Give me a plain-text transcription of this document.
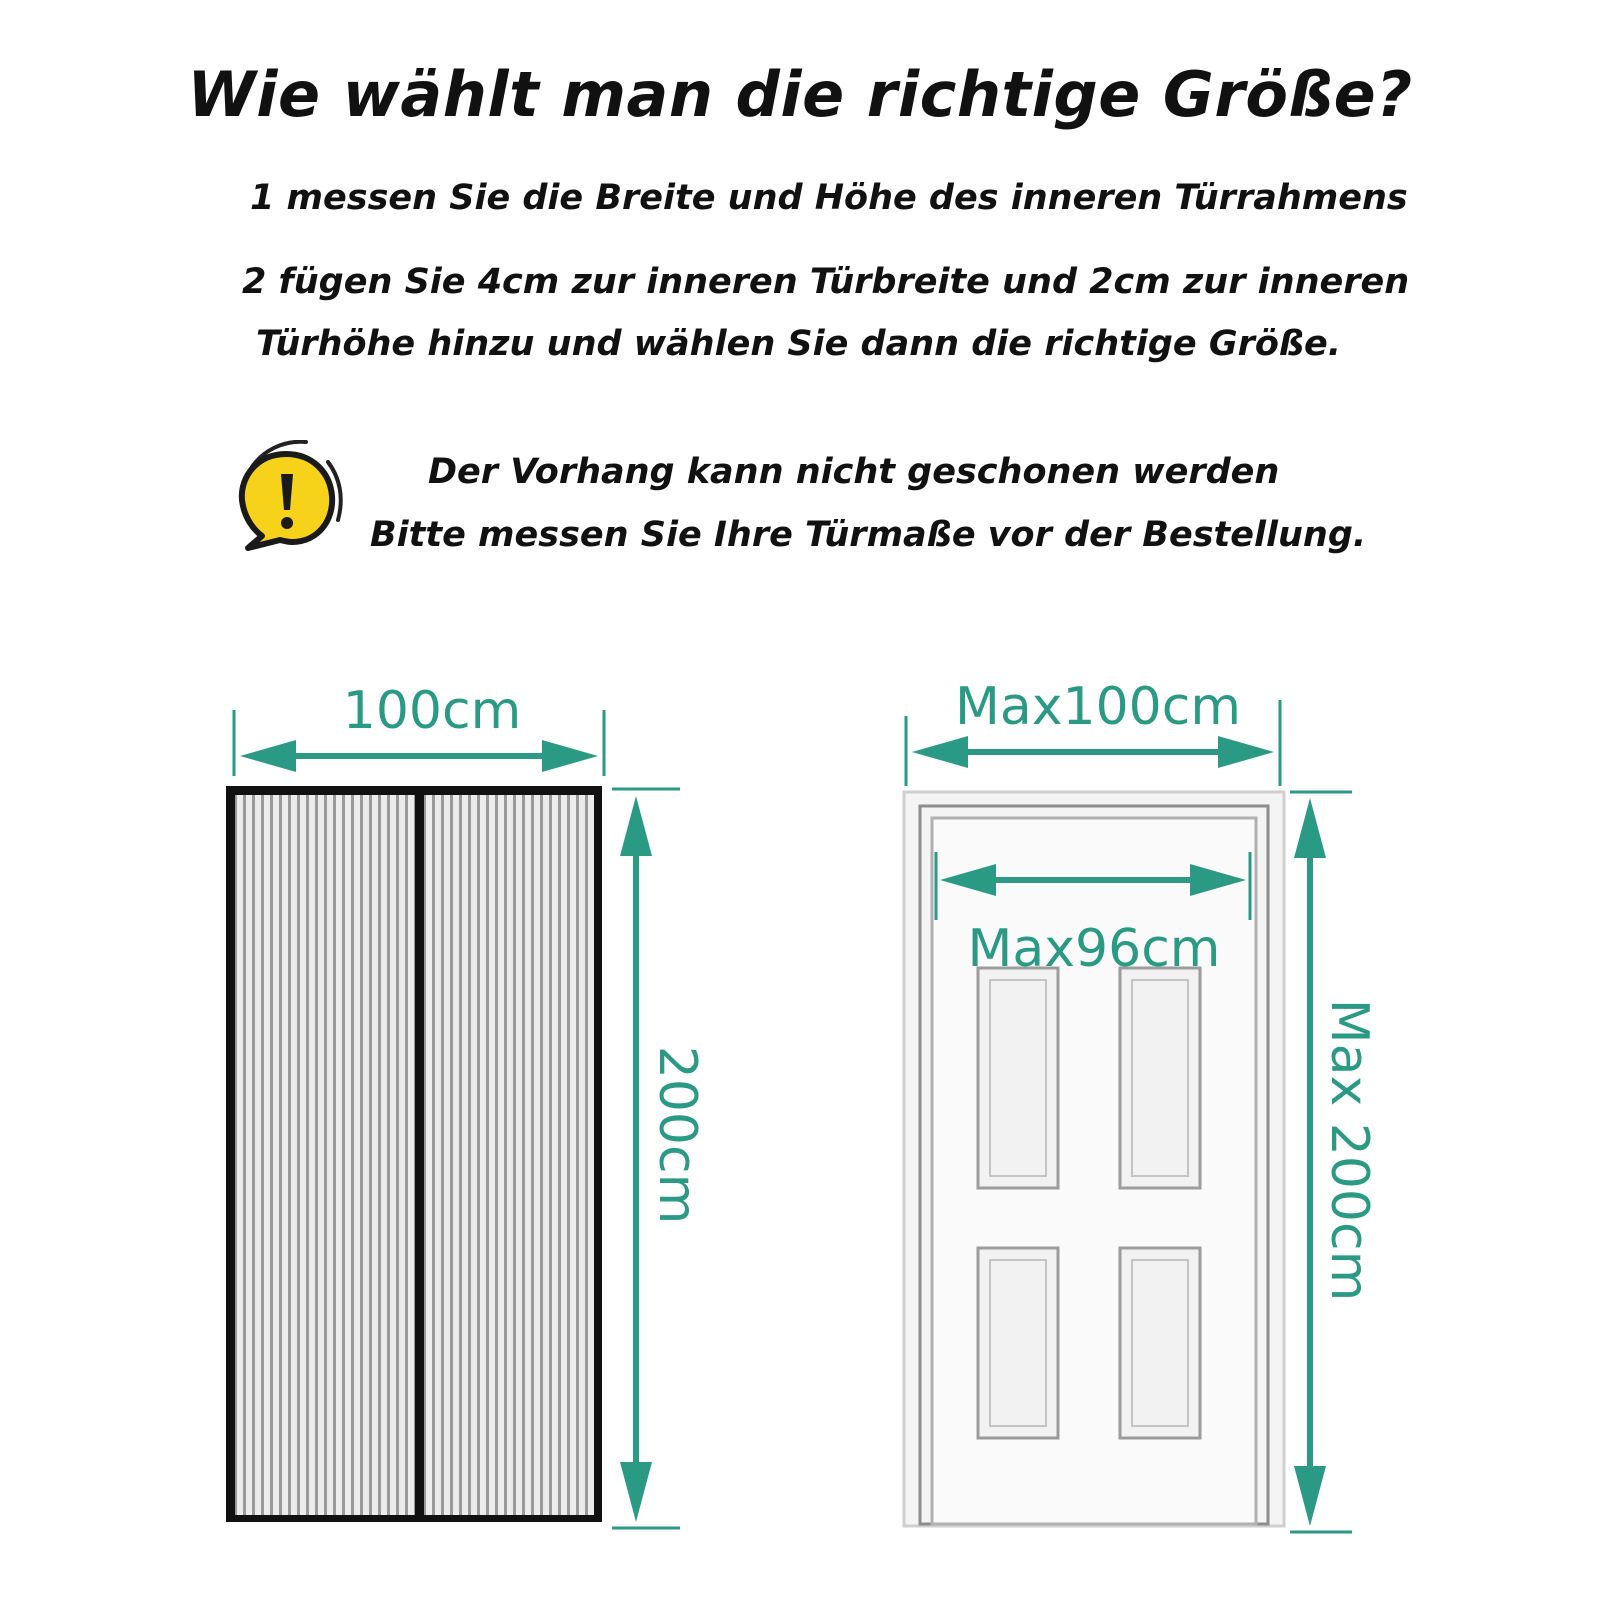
Wie wählt man die richtige Größe?

1 messen Sie die Breite und Höhe des inneren Türrahmens

2 fügen Sie 4cm zur inneren Türbreite und 2cm zur inneren

Türhöhe hinzu und wählen Sie dann die richtige Größe.

Der Vorhang kann nicht geschonen werden

Bitte messen Sie Ihre Türmaße vor der Bestellung.

100cm
200cm
Max100cm
Max96cm
Max 200cm
